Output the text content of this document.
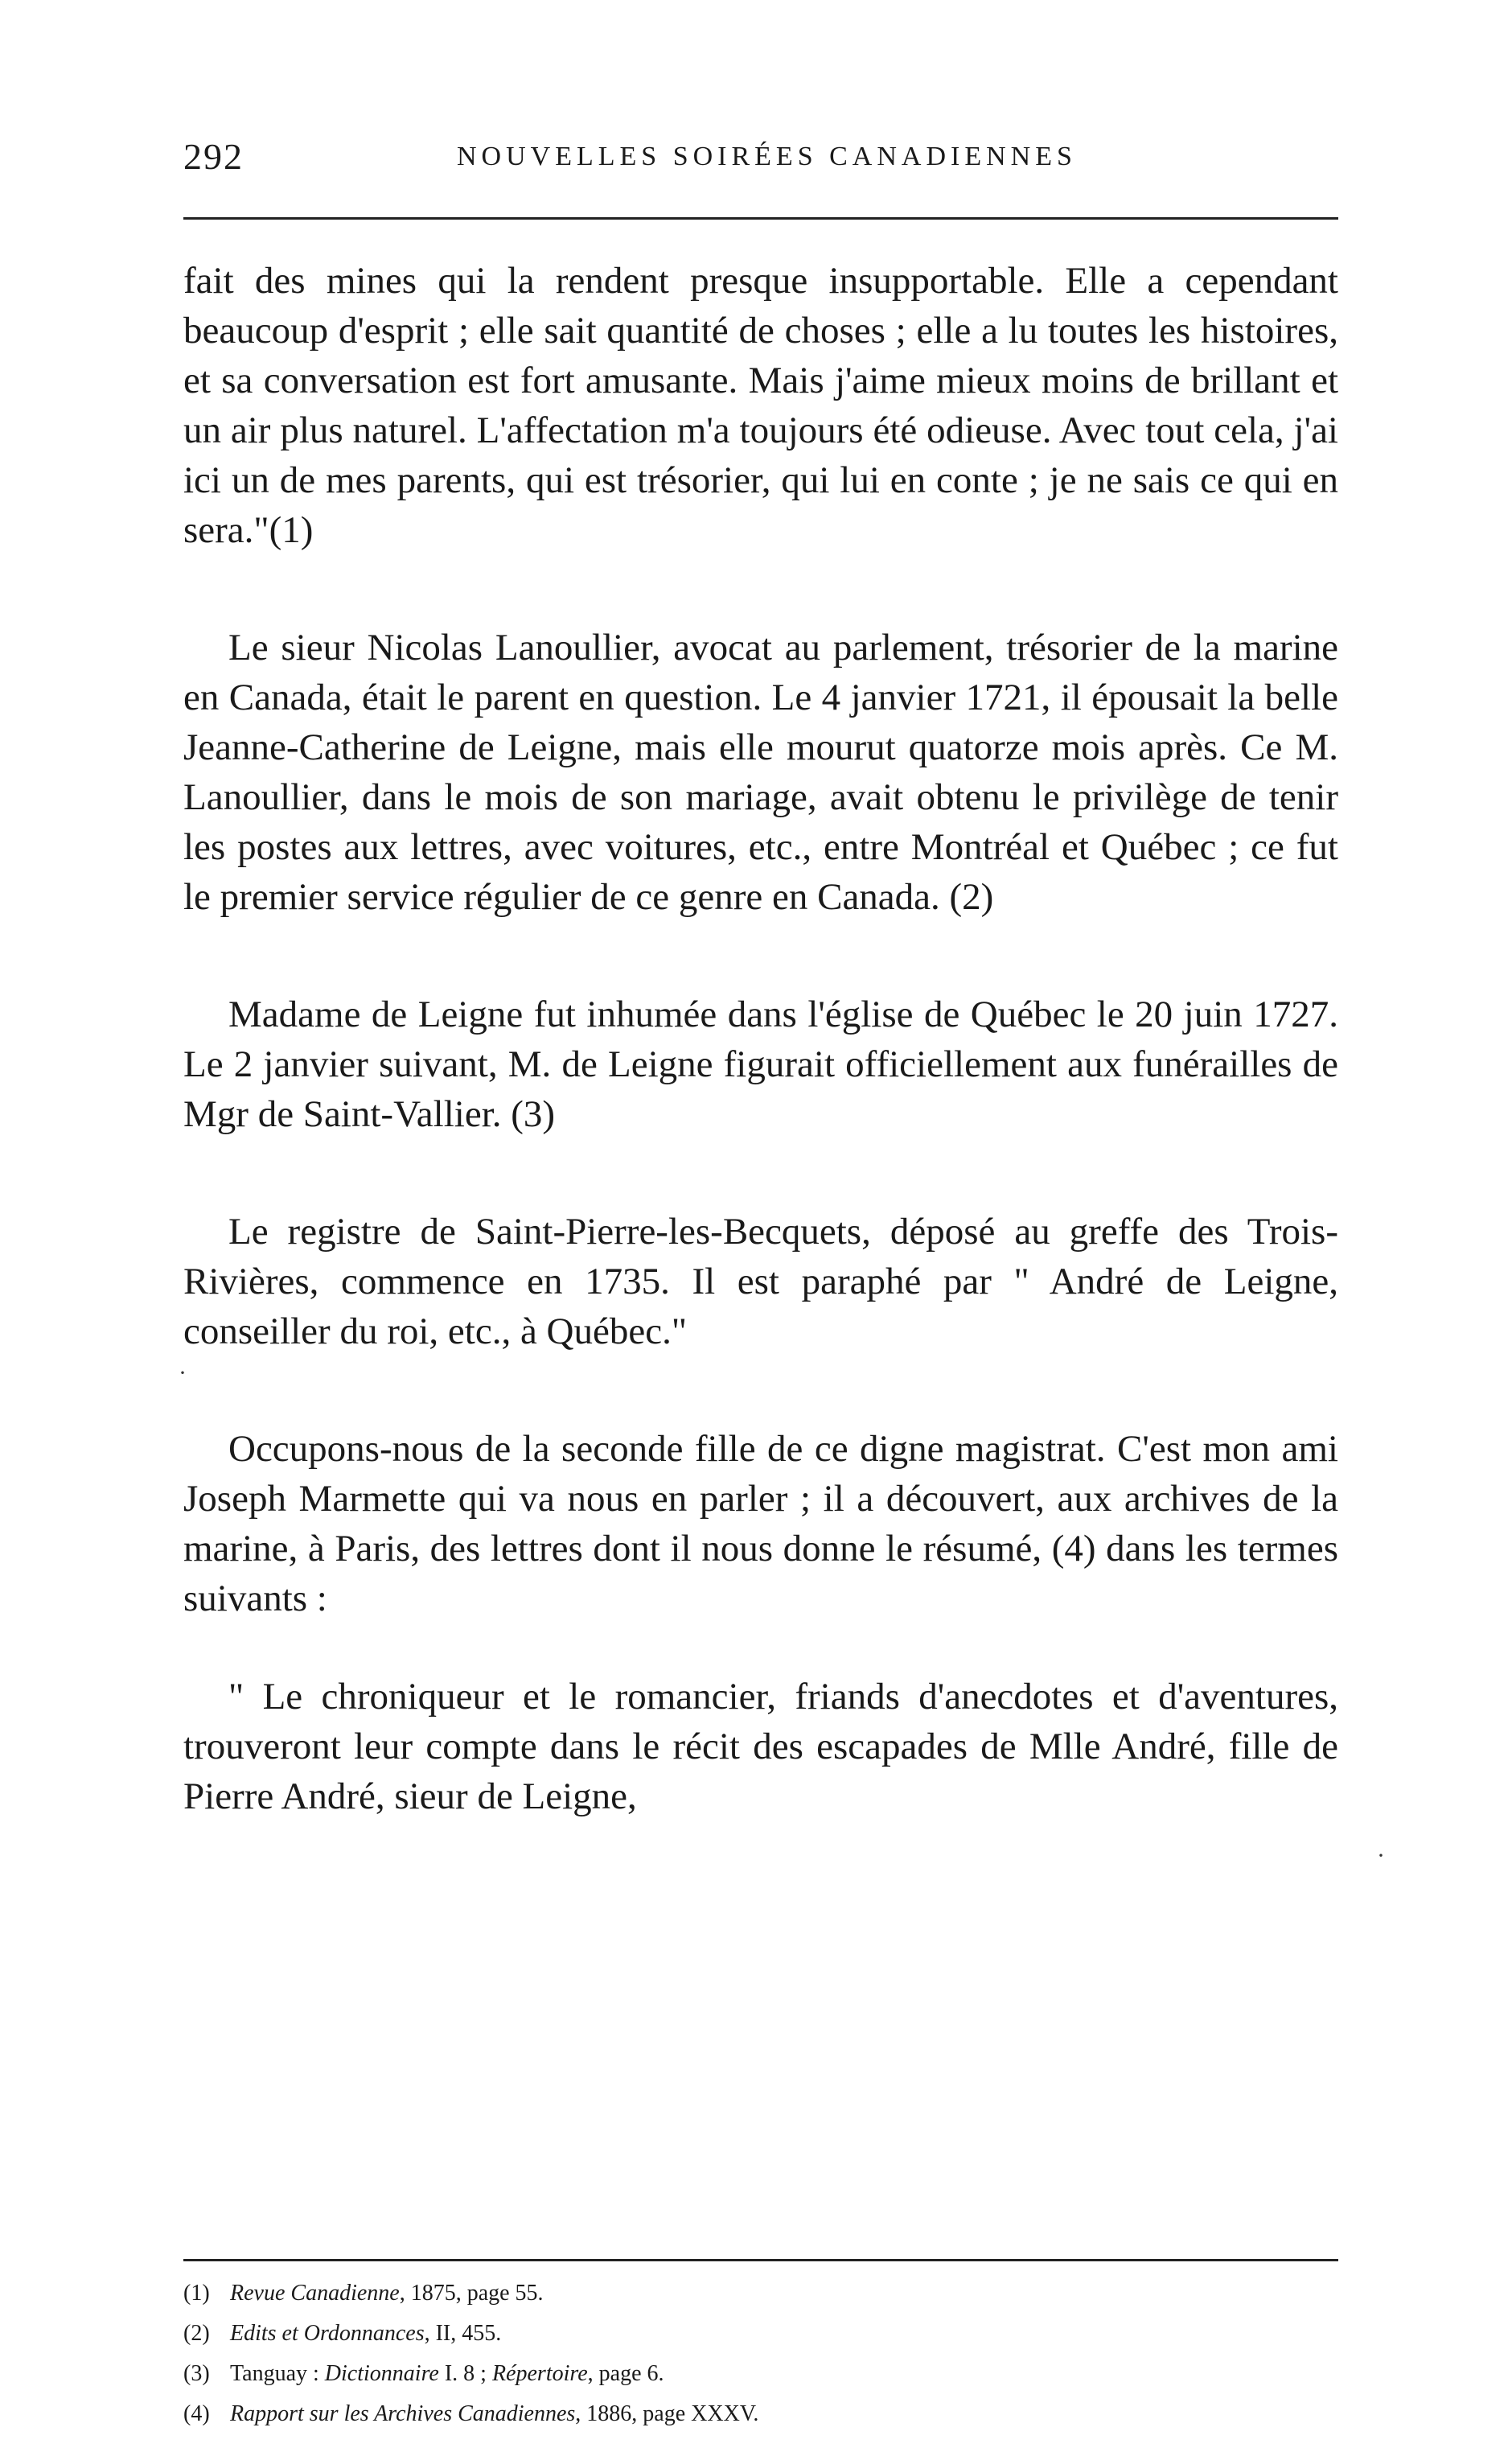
292	NOUVELLES SOIRÉES CANADIENNES

fait des mines qui la rendent presque insupportable. Elle a cependant beaucoup d'esprit ; elle sait quantité de choses ; elle a lu toutes les histoires, et sa conversation est fort amusante. Mais j'aime mieux moins de brillant et un air plus naturel. L'affectation m'a toujours été odieuse. Avec tout cela, j'ai ici un de mes parents, qui est trésorier, qui lui en conte ; je ne sais ce qui en sera."(1)

Le sieur Nicolas Lanoullier, avocat au parlement, trésorier de la marine en Canada, était le parent en question. Le 4 janvier 1721, il épousait la belle Jeanne-Catherine de Leigne, mais elle mourut quatorze mois après. Ce M. Lanoullier, dans le mois de son mariage, avait obtenu le privilège de tenir les postes aux lettres, avec voitures, etc., entre Montréal et Québec ; ce fut le premier service régulier de ce genre en Canada. (2)

Madame de Leigne fut inhumée dans l'église de Québec le 20 juin 1727. Le 2 janvier suivant, M. de Leigne figurait officiellement aux funérailles de Mgr de Saint-Vallier. (3)

Le registre de Saint-Pierre-les-Becquets, déposé au greffe des Trois-Rivières, commence en 1735. Il est paraphé par " André de Leigne, conseiller du roi, etc., à Québec."

Occupons-nous de la seconde fille de ce digne magistrat. C'est mon ami Joseph Marmette qui va nous en parler ; il a découvert, aux archives de la marine, à Paris, des lettres dont il nous donne le résumé, (4) dans les termes suivants :

" Le chroniqueur et le romancier, friands d'anecdotes et d'aventures, trouveront leur compte dans le récit des escapades de Mlle André, fille de Pierre André, sieur de Leigne,

(1) Revue Canadienne, 1875, page 55.
(2) Edits et Ordonnances, II, 455.
(3) Tanguay : Dictionnaire I. 8 ; Répertoire, page 6.
(4) Rapport sur les Archives Canadiennes, 1886, page XXXV.
·
·
